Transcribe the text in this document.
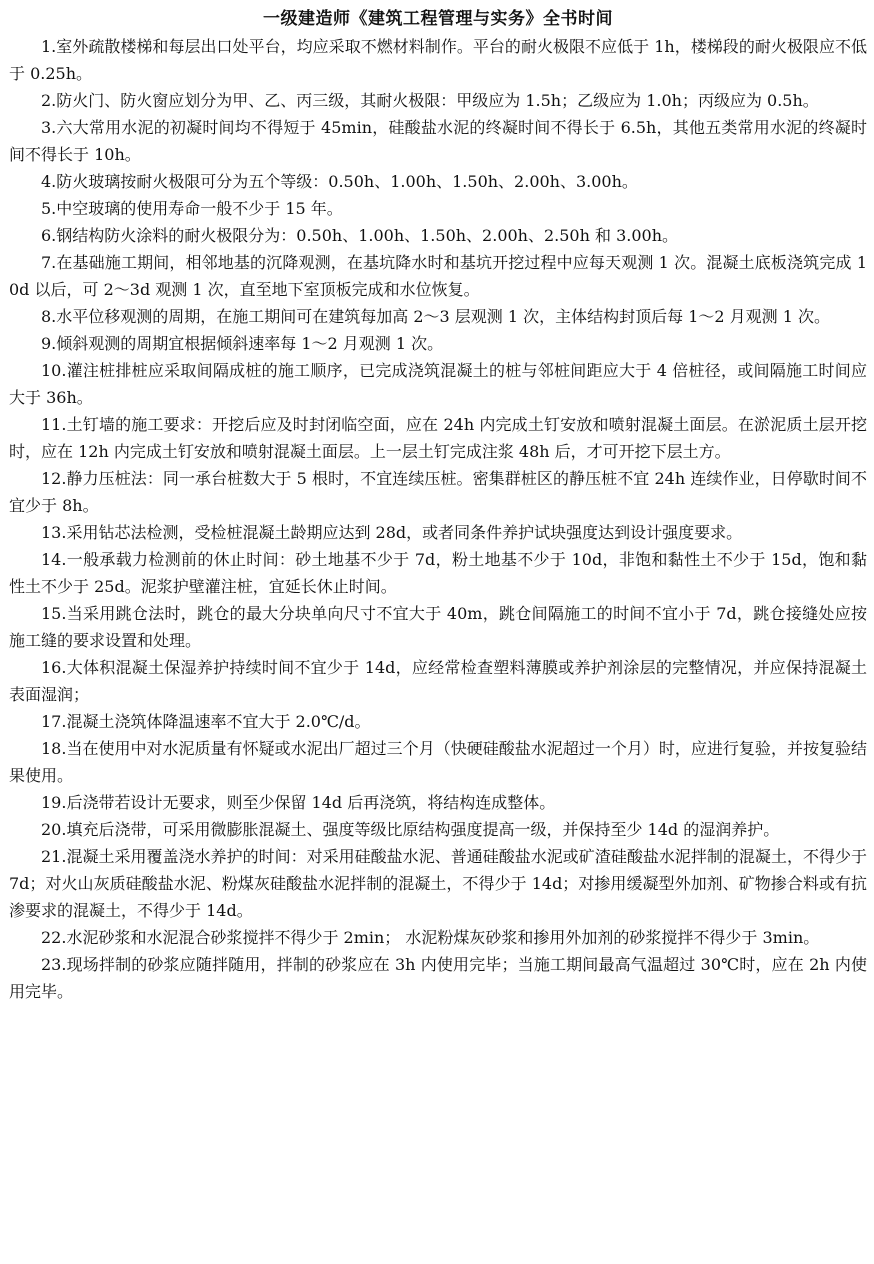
一级建造师《建筑工程管理与实务》全书时间

1.室外疏散楼梯和每层出口处平台，均应采取不燃材料制作。平台的耐火极限不应低于 1h，楼梯段的耐火极限应不低于 0.25h。

2.防火门、防火窗应划分为甲、乙、丙三级，其耐火极限：甲级应为 1.5h；乙级应为 1.0h；丙级应为 0.5h。

3.六大常用水泥的初凝时间均不得短于 45min，硅酸盐水泥的终凝时间不得长于 6.5h，其他五类常用水泥的终凝时间不得长于 10h。

4.防火玻璃按耐火极限可分为五个等级：0.50h、1.00h、1.50h、2.00h、3.00h。

5.中空玻璃的使用寿命一般不少于 15 年。

6.钢结构防火涂料的耐火极限分为：0.50h、1.00h、1.50h、2.00h、2.50h 和 3.00h。

7.在基础施工期间，相邻地基的沉降观测，在基坑降水时和基坑开挖过程中应每天观测 1 次。混凝土底板浇筑完成 10d 以后，可 2～3d 观测 1 次，直至地下室顶板完成和水位恢复。

8.水平位移观测的周期，在施工期间可在建筑每加高 2～3 层观测 1 次，主体结构封顶后每 1～2 月观测 1 次。

9.倾斜观测的周期宜根据倾斜速率每 1～2 月观测 1 次。

10.灌注桩排桩应采取间隔成桩的施工顺序，已完成浇筑混凝土的桩与邻桩间距应大于 4 倍桩径，或间隔施工时间应大于 36h。

11.土钉墙的施工要求：开挖后应及时封闭临空面，应在 24h 内完成土钉安放和喷射混凝土面层。在淤泥质土层开挖时，应在 12h 内完成土钉安放和喷射混凝土面层。上一层土钉完成注浆 48h 后，才可开挖下层土方。

12.静力压桩法：同一承台桩数大于 5 根时，不宜连续压桩。密集群桩区的静压桩不宜 24h 连续作业，日停歇时间不宜少于 8h。

13.采用钻芯法检测，受检桩混凝土龄期应达到 28d，或者同条件养护试块强度达到设计强度要求。

14.一般承载力检测前的休止时间：砂土地基不少于 7d，粉土地基不少于 10d，非饱和黏性土不少于 15d，饱和黏性土不少于 25d。泥浆护壁灌注桩，宜延长休止时间。

15.当采用跳仓法时，跳仓的最大分块单向尺寸不宜大于 40m，跳仓间隔施工的时间不宜小于 7d，跳仓接缝处应按施工缝的要求设置和处理。

16.大体积混凝土保湿养护持续时间不宜少于 14d，应经常检查塑料薄膜或养护剂涂层的完整情况，并应保持混凝土表面湿润；

17.混凝土浇筑体降温速率不宜大于 2.0℃/d。

18.当在使用中对水泥质量有怀疑或水泥出厂超过三个月（快硬硅酸盐水泥超过一个月）时，应进行复验，并按复验结果使用。

19.后浇带若设计无要求，则至少保留 14d 后再浇筑，将结构连成整体。

20.填充后浇带，可采用微膨胀混凝土、强度等级比原结构强度提高一级，并保持至少 14d 的湿润养护。

21.混凝土采用覆盖浇水养护的时间：对采用硅酸盐水泥、普通硅酸盐水泥或矿渣硅酸盐水泥拌制的混凝土，不得少于 7d；对火山灰质硅酸盐水泥、粉煤灰硅酸盐水泥拌制的混凝土，不得少于 14d；对掺用缓凝型外加剂、矿物掺合料或有抗渗要求的混凝土，不得少于 14d。

22.水泥砂浆和水泥混合砂浆搅拌不得少于 2min； 水泥粉煤灰砂浆和掺用外加剂的砂浆搅拌不得少于 3min。

23.现场拌制的砂浆应随拌随用，拌制的砂浆应在 3h 内使用完毕；当施工期间最高气温超过 30℃时，应在 2h 内使用完毕。
